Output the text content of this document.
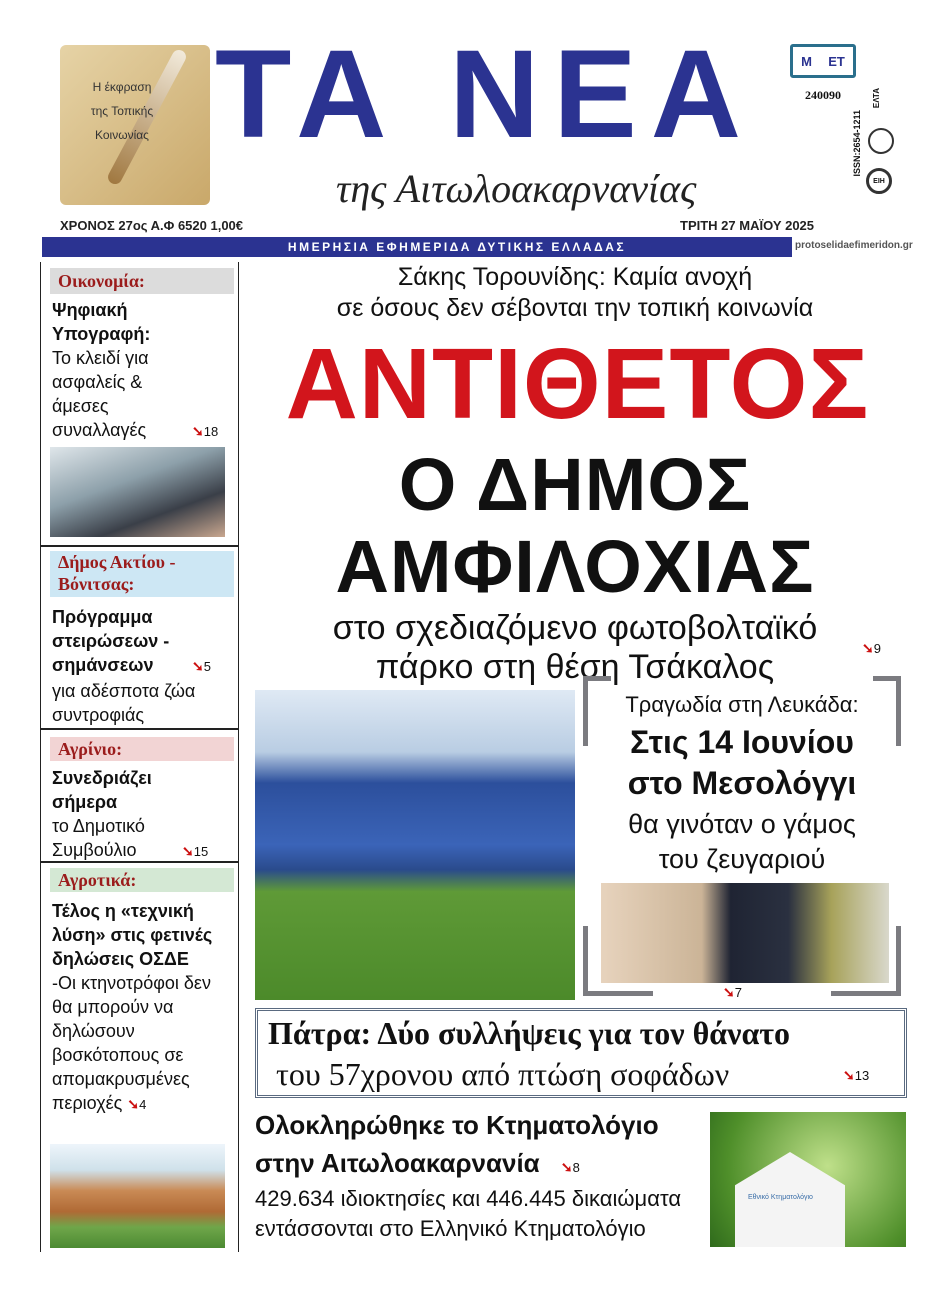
Η έκφραση
της Τοπικής
Κοινωνίας ΤΑ ΝΕΑ
της Αιτωλοακαρνανίας
Μ ΕΤ
240090
ISSN:2654-1211
ΕΛΤΑ
ΕΙΗ
ΧΡΟΝΟΣ 27ος Α.Φ 6520 1,00€	ΤΡΙΤΗ 27 ΜΑΪΟΥ 2025
ΗΜΕΡΗΣΙΑ ΕΦΗΜΕΡΙΔΑ ΔΥΤΙΚΗΣ ΕΛΛΑΔΑΣ	protoselidaefimeridon.gr
Οικονομία:
Ψηφιακή Υπογραφή:
Το κλειδί για ασφαλείς & άμεσες συναλλαγές	➘18
Δήμος Ακτίου - Βόνιτσας:
Πρόγραμμα στειρώσεων - σημάνσεων	➘5
για αδέσποτα ζώα συντροφιάς
Αγρίνιο:
Συνεδριάζει σήμερα
το Δημοτικό Συμβούλιο	➘15
Αγροτικά:
Τέλος η «τεχνική λύση» στις φετινές δηλώσεις ΟΣΔΕ
-Οι κτηνοτρόφοι δεν θα μπορούν να δηλώσουν βοσκότοπους σε απομακρυσμένες περιοχές ➘4
Σάκης Τορουνίδης: Καμία ανοχή
σε όσους δεν σέβονται την τοπική κοινωνία
ΑΝΤΙΘΕΤΟΣ
Ο ΔΗΜΟΣ
ΑΜΦΙΛΟΧΙΑΣ
στο σχεδιαζόμενο φωτοβολταϊκό
πάρκο στη θέση Τσάκαλος	➘9
Τραγωδία στη Λευκάδα:
Στις 14 Ιουνίου
στο Μεσολόγγι
θα γινόταν ο γάμος
του ζευγαριού
➘7
Πάτρα: Δύο συλλήψεις για τον θάνατο
του 57χρονου από πτώση σοφάδων	➘13
Εθνικό Κτηματολόγιο
Ολοκληρώθηκε το Κτηματολόγιο
στην Αιτωλοακαρνανία ➘8
429.634 ιδιοκτησίες και 446.445 δικαιώματα
εντάσσονται στο Ελληνικό Κτηματολόγιο
